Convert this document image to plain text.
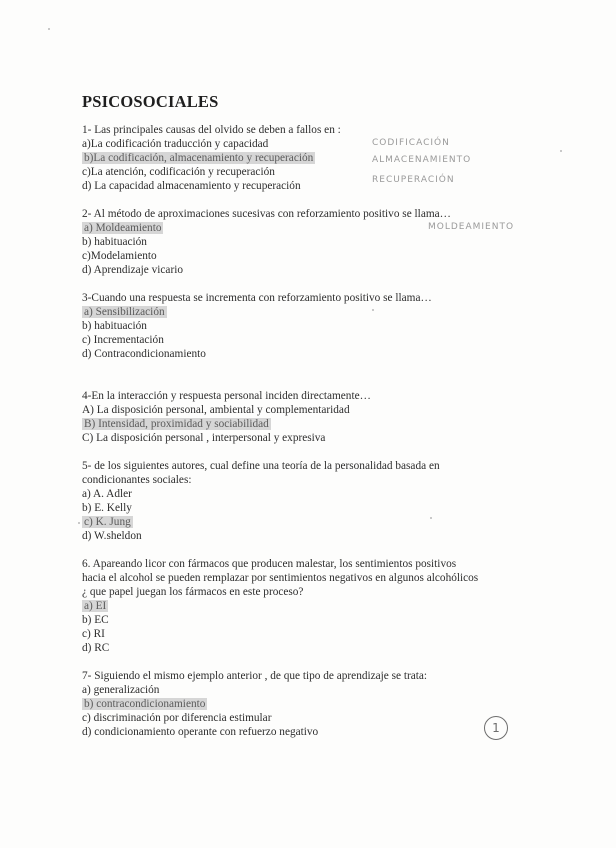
PSICOSOCIALES
1- Las principales causas del olvido se deben a fallos en :
a)La codificación traducción y capacidad
b)La codificación, almacenamiento y recuperación
c)La atención, codificación y recuperación
d) La capacidad almacenamiento y recuperación
CODIFICACIÓN
ALMACENAMIENTO
RECUPERACIÓN
2- Al método de aproximaciones sucesivas con reforzamiento positivo se llama…
a) Moldeamiento
b) habituación
c)Modelamiento
d) Aprendizaje vicario
MOLDEAMIENTO
3-Cuando una respuesta se incrementa con reforzamiento positivo se llama…
a) Sensibilización
b) habituación
c) Incrementación
d) Contracondicionamiento
4-En la interacción y respuesta personal inciden directamente…
A) La disposición personal, ambiental y complementaridad
B) Intensidad, proximidad y sociabilidad
C) La disposición personal , interpersonal y expresiva
5- de los siguientes autores, cual define una teoría de la personalidad basada en
condicionantes sociales:
a) A. Adler
b) E. Kelly
c) K. Jung
d) W.sheldon
6. Apareando licor con fármacos que producen malestar, los sentimientos positivos
hacia el alcohol se pueden remplazar por sentimientos negativos en algunos alcohólicos
¿ que papel juegan los fármacos en este proceso?
a) EI
b) EC
c) RI
d) RC
7- Siguiendo el mismo ejemplo anterior , de que tipo de aprendizaje se trata:
a) generalización
b) contracondicionamiento
c) discriminación por diferencia estimular
d) condicionamiento operante con refuerzo negativo	1
